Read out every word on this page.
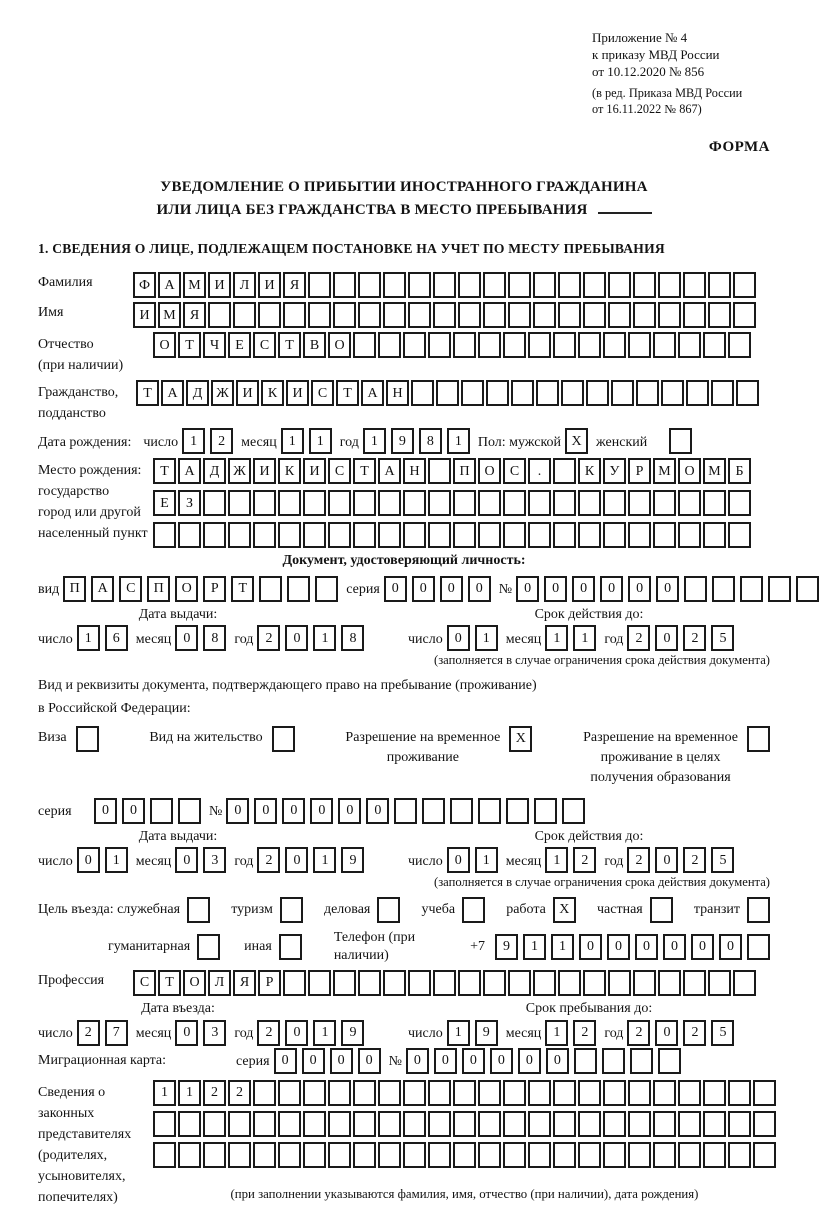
Приложение № 4
к приказу МВД России
от 10.12.2020 № 856
(в ред. Приказа МВД России
от 16.11.2022 № 867)
ФОРМА
УВЕДОМЛЕНИЕ О ПРИБЫТИИ ИНОСТРАННОГО ГРАЖДАНИНА
ИЛИ ЛИЦА БЕЗ ГРАЖДАНСТВА В МЕСТО ПРЕБЫВАНИЯ
1. СВЕДЕНИЯ О ЛИЦЕ, ПОДЛЕЖАЩЕМ ПОСТАНОВКЕ НА УЧЕТ ПО МЕСТУ ПРЕБЫВАНИЯ
Фамилия	Ф	А М И	Л	И	Я
Имя	И М	Я
Отчество
(при наличии)
О	Т	Ч	Е	С	Т	В	О
Гражданство,
подданство
Т	А	Д Ж И	К	И	С	Т	А	Н
Дата рождения: число 1	2	месяц 1	1	год 1	9	8	1	Пол: мужской X	женский
Место рождения:
государство
город или другой
населенный пункт
Т	А	Д Ж И	К	И	С	Т	А	Н	П	О	С	.	К	У	Р	М О М	Б

Е	З

Документ, удостоверяющий личность:
вид П	А	С	П	О	Р	Т	серия 0	0	0	0	№ 0	0	0	0	0	0
Дата выдачи:
число 1	6	месяц 0	8	год 2	0	1	8
Срок действия до:
число 0	1	месяц 1	1	год 2	0	2	5
(заполняется в случае ограничения срока действия документа)
Вид и реквизиты документа, подтверждающего право на пребывание (проживание)
в Российской Федерации:
Виза	Вид на жительство	Разрешение на временное
проживание
X	Разрешение на временное
проживание в целях
получения образования
серия	0	0	№ 0	0	0	0	0	0
Дата выдачи:
число 0	1	месяц 0	3	год 2	0	1	9
Срок действия до:
число 0	1	месяц 1	2	год 2	0	2	5
(заполняется в случае ограничения срока действия документа)
Цель въезда: служебная	туризм	деловая	учеба	работа X	частная	транзит
гуманитарная	иная
Телефон (при наличии)
+7	9	1	1	0	0	0	0	0	0
Профессия	С	Т	О	Л	Я	Р
Дата въезда:
число 2	7	месяц 0	3	год 2	0	1	9
Срок пребывания до:
число 1	9	месяц 1	2	год 2	0	2	5
Миграционная карта:	серия 0	0	0	0	№ 0	0	0	0	0	0
Сведения о
законных
представителях
(родителях,
усыновителях,
попечителях)
1	1	2	2

(при заполнении указываются фамилия, имя, отчество (при наличии), дата рождения)
